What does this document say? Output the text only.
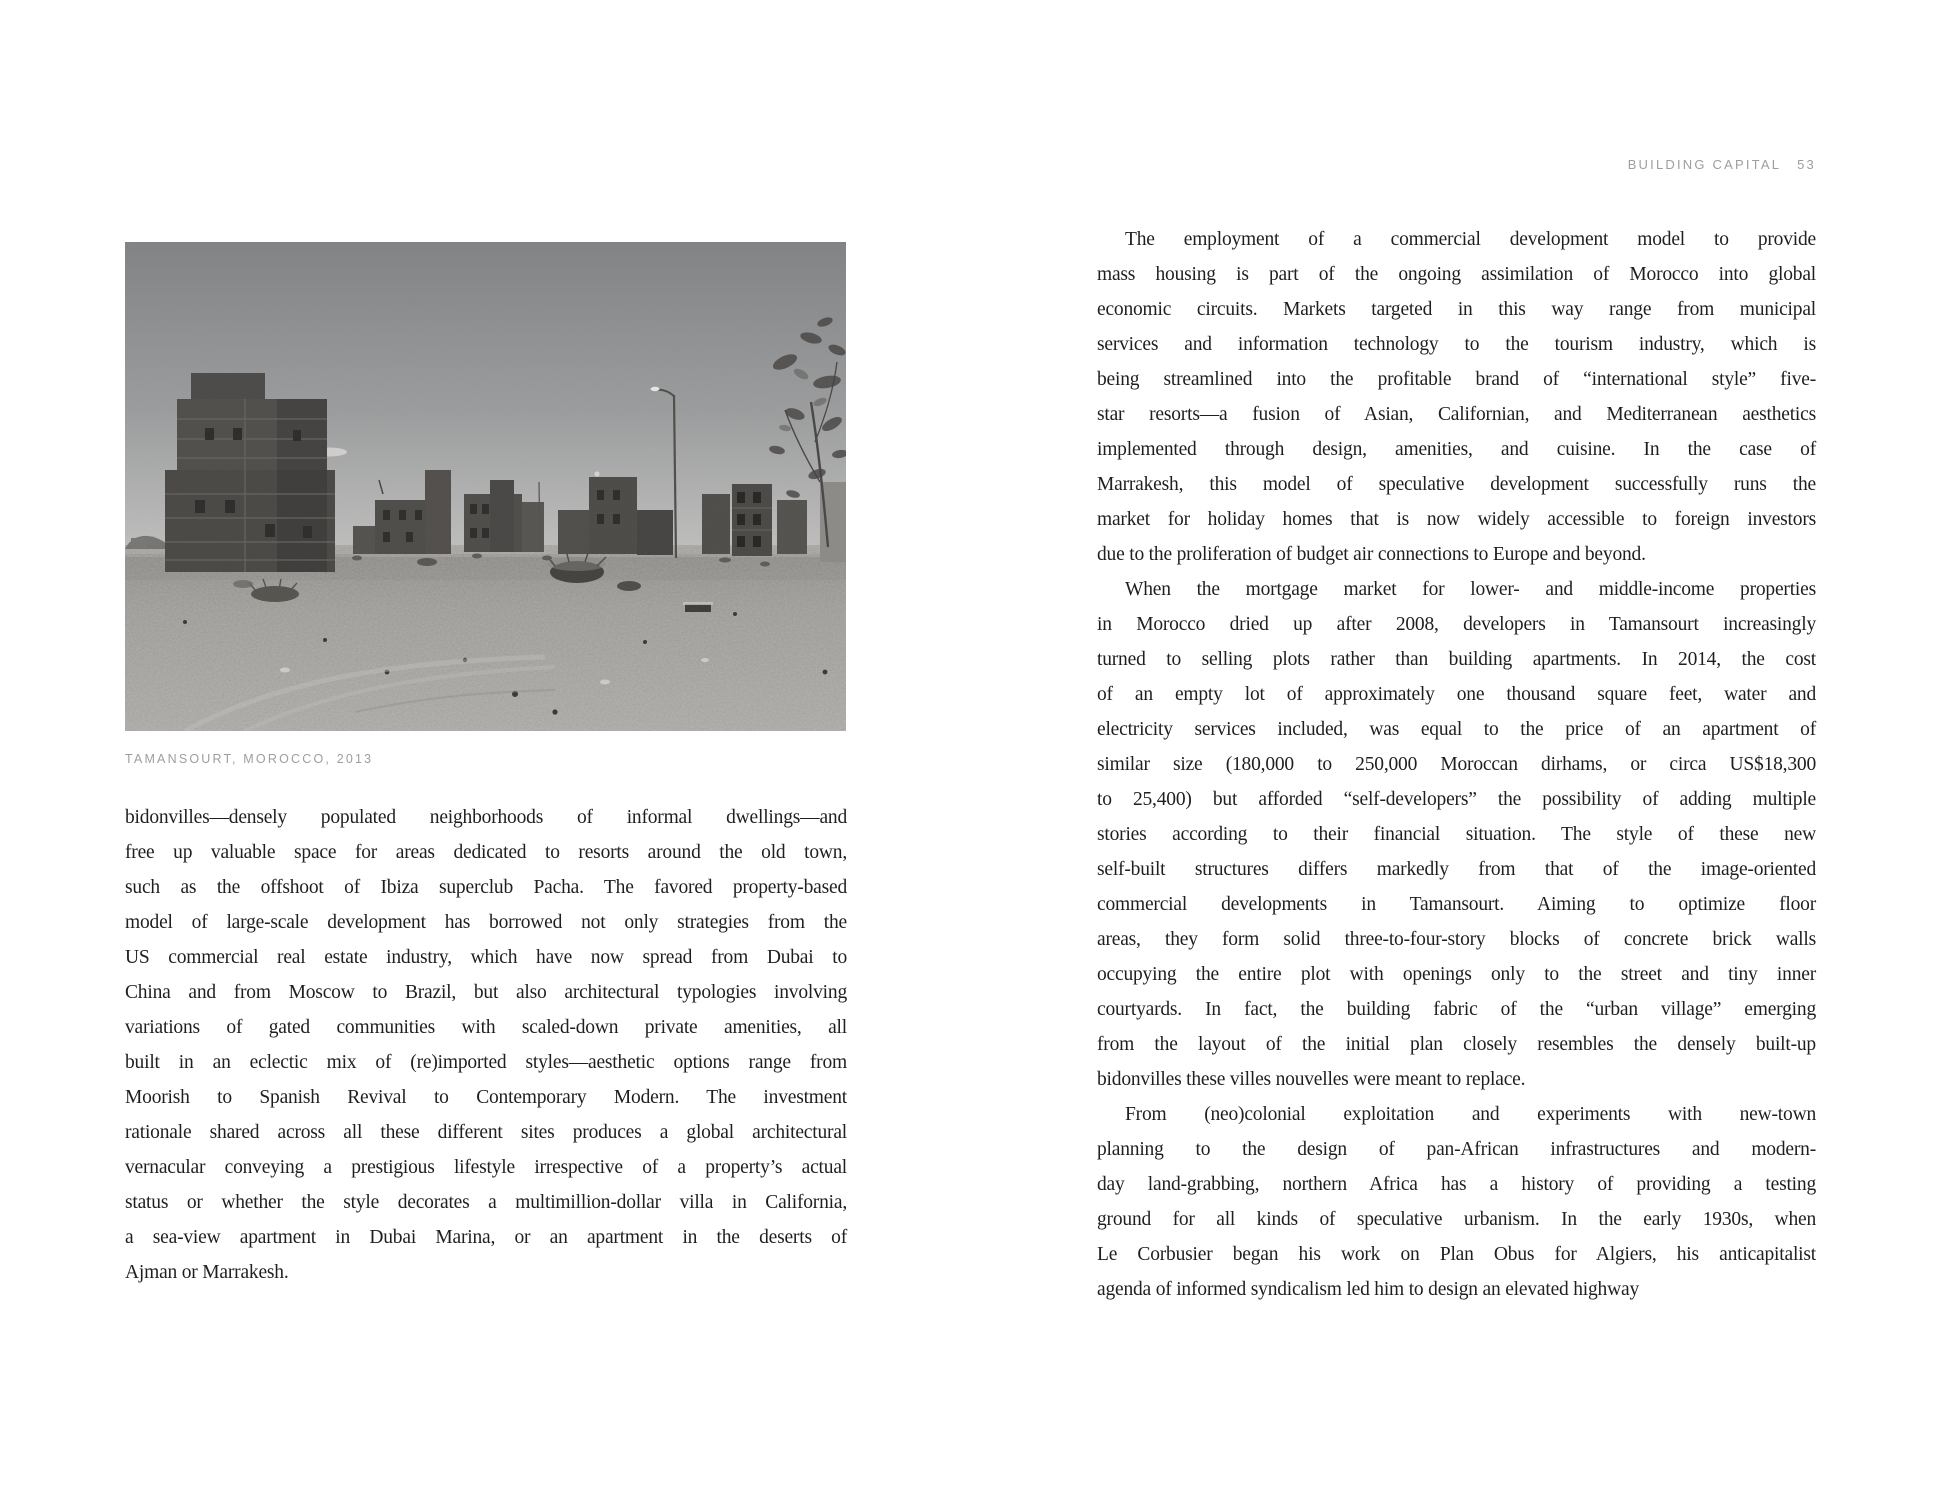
BUILDING CAPITAL 53
TAMANSOURT, MOROCCO, 2013
bidonvilles—densely populated neighborhoods of informal dwellings—and
free up valuable space for areas dedicated to resorts around the old town,
such as the offshoot of Ibiza superclub Pacha. The favored property-based
model of large-scale development has borrowed not only strategies from the
US commercial real estate industry, which have now spread from Dubai to
China and from Moscow to Brazil, but also architectural typologies involving
variations of gated communities with scaled-down private amenities, all
built in an eclectic mix of (re)imported styles—aesthetic options range from
Moorish to Spanish Revival to Contemporary Modern. The investment
rationale shared across all these different sites produces a global architectural
vernacular conveying a prestigious lifestyle irrespective of a property’s actual
status or whether the style decorates a multimillion-dollar villa in California,
a sea-view apartment in Dubai Marina, or an apartment in the deserts of
Ajman or Marrakesh.
The employment of a commercial development model to provide
mass housing is part of the ongoing assimilation of Morocco into global
economic circuits. Markets targeted in this way range from municipal
services and information technology to the tourism industry, which is
being streamlined into the profitable brand of “international style” five-
star resorts—a fusion of Asian, Californian, and Mediterranean aesthetics
implemented through design, amenities, and cuisine. In the case of
Marrakesh, this model of speculative development successfully runs the
market for holiday homes that is now widely accessible to foreign investors
due to the proliferation of budget air connections to Europe and beyond.
When the mortgage market for lower- and middle-income properties
in Morocco dried up after 2008, developers in Tamansourt increasingly
turned to selling plots rather than building apartments. In 2014, the cost
of an empty lot of approximately one thousand square feet, water and
electricity services included, was equal to the price of an apartment of
similar size (180,000 to 250,000 Moroccan dirhams, or circa US$18,300
to 25,400) but afforded “self-developers” the possibility of adding multiple
stories according to their financial situation. The style of these new
self-built structures differs markedly from that of the image-oriented
commercial developments in Tamansourt. Aiming to optimize floor
areas, they form solid three-to-four-story blocks of concrete brick walls
occupying the entire plot with openings only to the street and tiny inner
courtyards. In fact, the building fabric of the “urban village” emerging
from the layout of the initial plan closely resembles the densely built-up
bidonvilles these villes nouvelles were meant to replace.
From (neo)colonial exploitation and experiments with new-town
planning to the design of pan-African infrastructures and modern-
day land-grabbing, northern Africa has a history of providing a testing
ground for all kinds of speculative urbanism. In the early 1930s, when
Le Corbusier began his work on Plan Obus for Algiers, his anticapitalist
agenda of informed syndicalism led him to design an elevated highway
